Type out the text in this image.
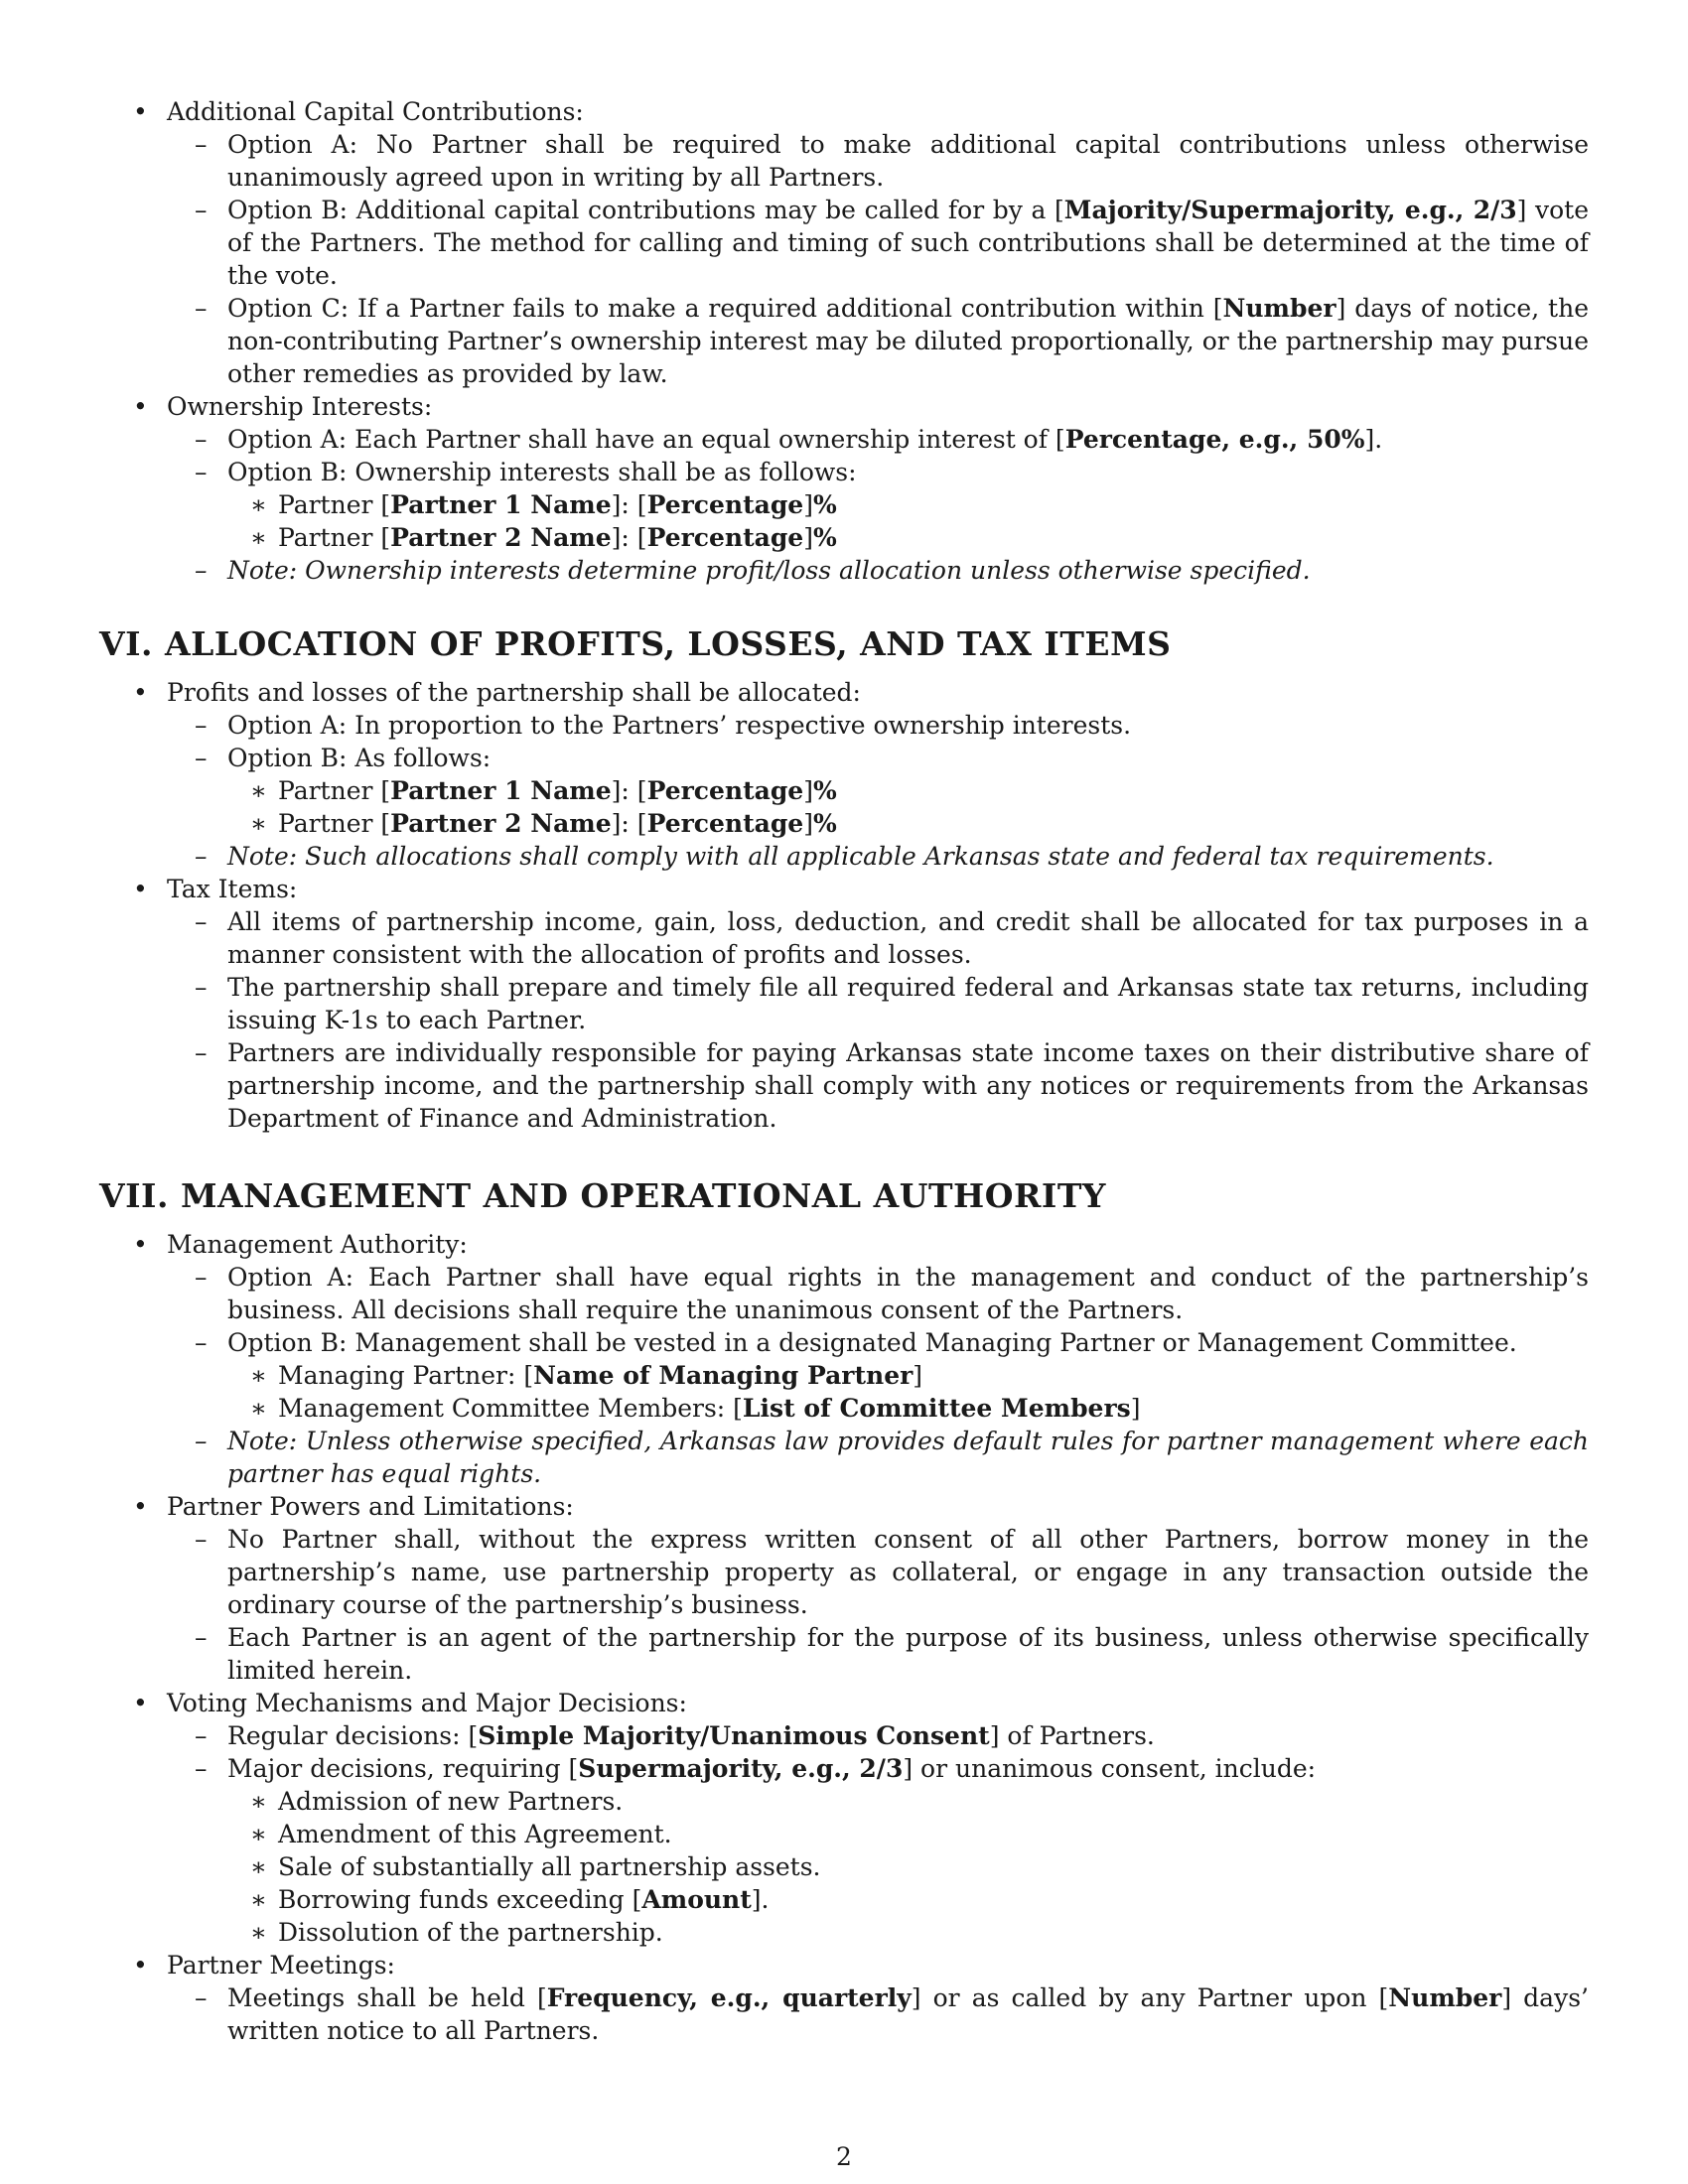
• Additional Capital Contributions:
– Option A: No Partner shall be required to make additional capital contributions unless otherwise unanimously agreed upon in writing by all Partners.
– Option B: Additional capital contributions may be called for by a [Majority/Supermajority, e.g., 2/3] vote of the Partners. The method for calling and timing of such contributions shall be determined at the time of the vote.
– Option C: If a Partner fails to make a required additional contribution within [Number] days of notice, the non-contributing Partner’s ownership interest may be diluted proportionally, or the partnership may pursue other remedies as provided by law.
• Ownership Interests:
– Option A: Each Partner shall have an equal ownership interest of [Percentage, e.g., 50%].
– Option B: Ownership interests shall be as follows:
∗ Partner [Partner 1 Name]: [Percentage]%
∗ Partner [Partner 2 Name]: [Percentage]%
– Note: Ownership interests determine profit/loss allocation unless otherwise specified.
VI. ALLOCATION OF PROFITS, LOSSES, AND TAX ITEMS
• Profits and losses of the partnership shall be allocated:
– Option A: In proportion to the Partners’ respective ownership interests.
– Option B: As follows:
∗ Partner [Partner 1 Name]: [Percentage]%
∗ Partner [Partner 2 Name]: [Percentage]%
– Note: Such allocations shall comply with all applicable Arkansas state and federal tax requirements.
• Tax Items:
– All items of partnership income, gain, loss, deduction, and credit shall be allocated for tax purposes in a manner consistent with the allocation of profits and losses.
– The partnership shall prepare and timely file all required federal and Arkansas state tax returns, including issuing K-1s to each Partner.
– Partners are individually responsible for paying Arkansas state income taxes on their distributive share of partnership income, and the partnership shall comply with any notices or requirements from the Arkansas Department of Finance and Administration.
VII. MANAGEMENT AND OPERATIONAL AUTHORITY
• Management Authority:
– Option A: Each Partner shall have equal rights in the management and conduct of the partnership’s business. All decisions shall require the unanimous consent of the Partners.
– Option B: Management shall be vested in a designated Managing Partner or Management Committee.
∗ Managing Partner: [Name of Managing Partner]
∗ Management Committee Members: [List of Committee Members]
– Note: Unless otherwise specified, Arkansas law provides default rules for partner management where each partner has equal rights.
• Partner Powers and Limitations:
– No Partner shall, without the express written consent of all other Partners, borrow money in the partnership’s name, use partnership property as collateral, or engage in any transaction outside the ordinary course of the partnership’s business.
– Each Partner is an agent of the partnership for the purpose of its business, unless otherwise specifically limited herein.
• Voting Mechanisms and Major Decisions:
– Regular decisions: [Simple Majority/Unanimous Consent] of Partners.
– Major decisions, requiring [Supermajority, e.g., 2/3] or unanimous consent, include:
∗ Admission of new Partners.
∗ Amendment of this Agreement.
∗ Sale of substantially all partnership assets.
∗ Borrowing funds exceeding [Amount].
∗ Dissolution of the partnership.
• Partner Meetings:
– Meetings shall be held [Frequency, e.g., quarterly] or as called by any Partner upon [Number] days’ written notice to all Partners.
2
